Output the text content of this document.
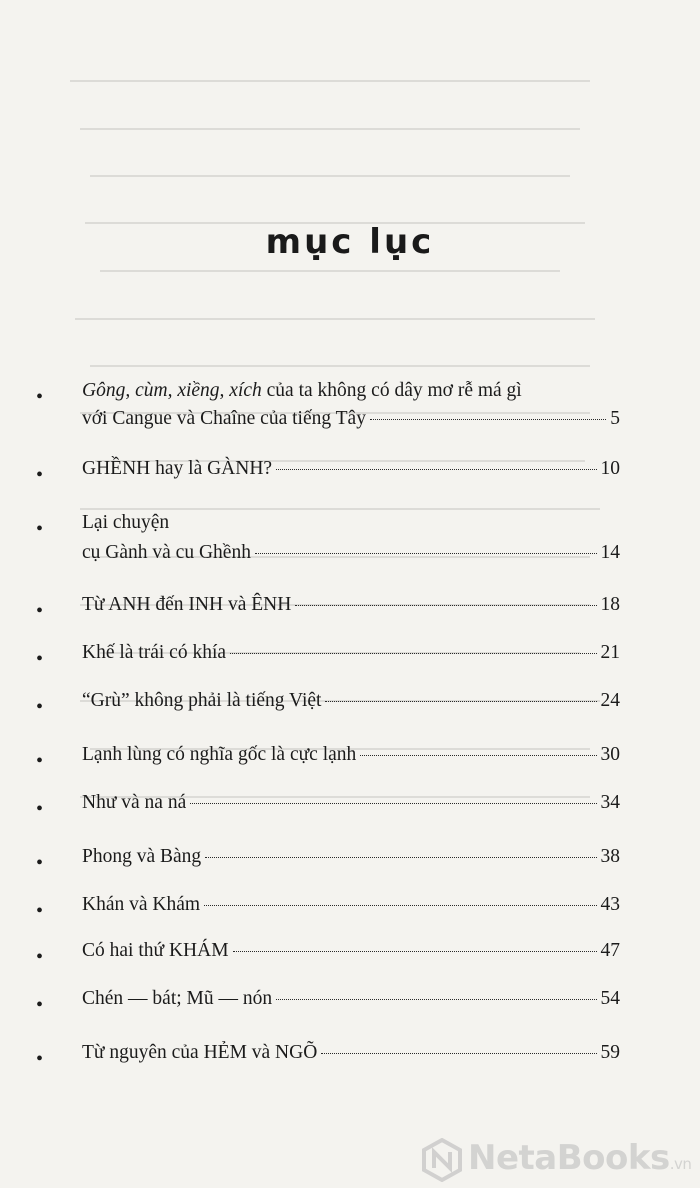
mục lục
• Gông, cùm, xiềng, xích của ta không có dây mơ rễ má gì
với Cangue và Chaîne của tiếng Tây	5
• GHỀNH hay là GÀNH?	10
• Lại chuyện
cụ Gành và cu Ghềnh	14
• Từ ANH đến INH và ÊNH	18
• Khế là trái có khía	21
• “Grù” không phải là tiếng Việt	24
• Lạnh lùng có nghĩa gốc là cực lạnh	30
• Như và na ná	34
• Phong và Bàng	38
• Khán và Khám	43
• Có hai thứ KHÁM	47
• Chén — bát; Mũ — nón	54
• Từ nguyên của HẺM và NGÕ	59
NetaBooks.vn
